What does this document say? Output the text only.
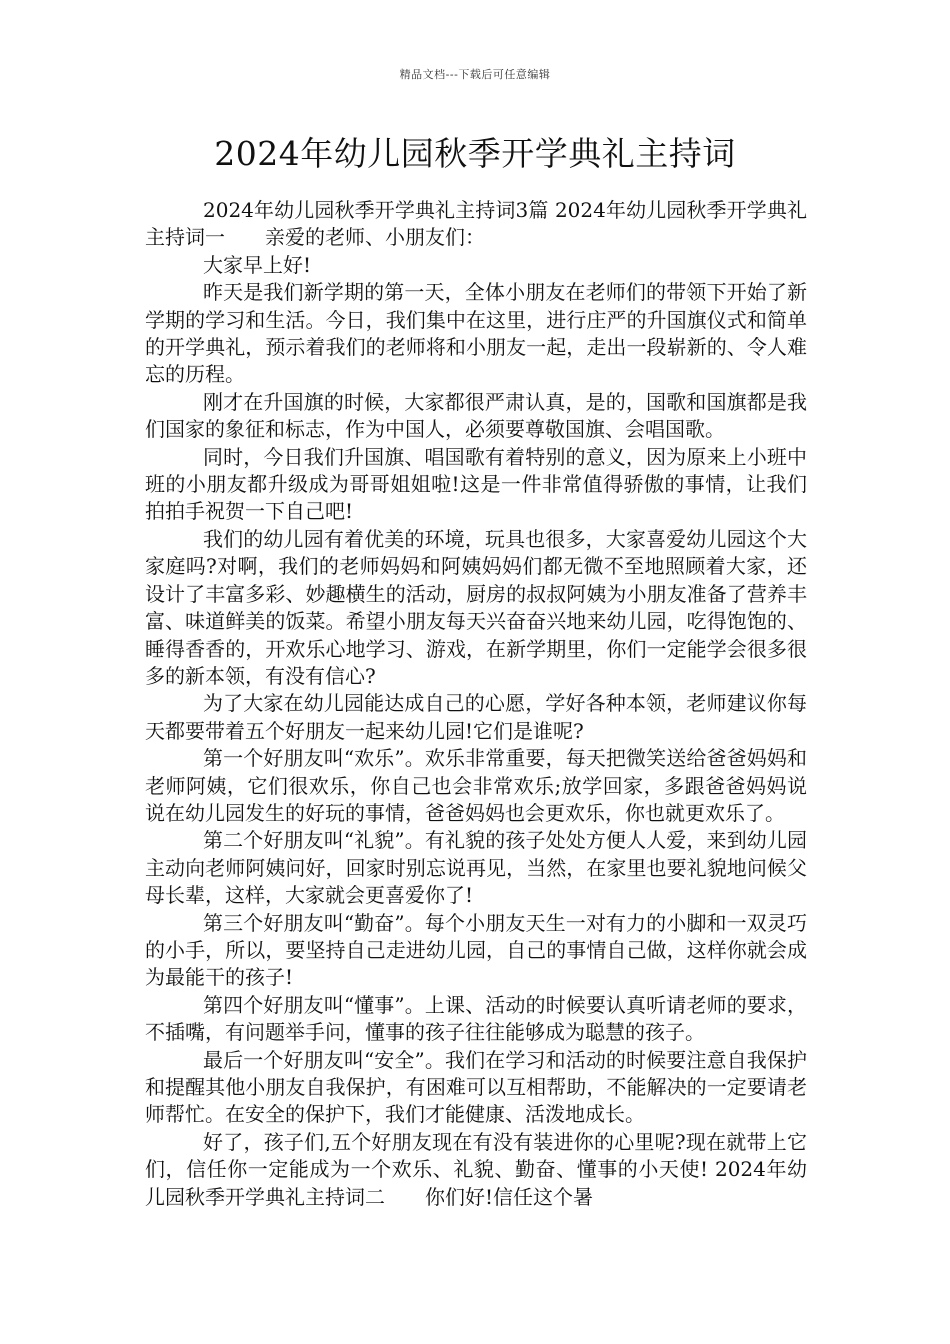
精品文档---下载后可任意编辑
2024年幼儿园秋季开学典礼主持词

2024年幼儿园秋季开学典礼主持词3篇 2024年幼儿园秋季开学典礼主持词一　　亲爱的老师、小朋友们：

大家早上好!

昨天是我们新学期的第一天，全体小朋友在老师们的带领下开始了新学期的学习和生活。今日，我们集中在这里，进行庄严的升国旗仪式和简单的开学典礼，预示着我们的老师将和小朋友一起，走出一段崭新的、令人难忘的历程。

刚才在升国旗的时候，大家都很严肃认真，是的，国歌和国旗都是我们国家的象征和标志，作为中国人，必须要尊敬国旗、会唱国歌。

同时，今日我们升国旗、唱国歌有着特别的意义，因为原来上小班中班的小朋友都升级成为哥哥姐姐啦!这是一件非常值得骄傲的事情，让我们拍拍手祝贺一下自己吧!

我们的幼儿园有着优美的环境，玩具也很多，大家喜爱幼儿园这个大家庭吗?对啊，我们的老师妈妈和阿姨妈妈们都无微不至地照顾着大家，还设计了丰富多彩、妙趣横生的活动，厨房的叔叔阿姨为小朋友准备了营养丰富、味道鲜美的饭菜。希望小朋友每天兴奋奋兴地来幼儿园，吃得饱饱的、睡得香香的，开欢乐心地学习、游戏，在新学期里，你们一定能学会很多很多的新本领，有没有信心?

为了大家在幼儿园能达成自己的心愿，学好各种本领，老师建议你每天都要带着五个好朋友一起来幼儿园!它们是谁呢?

第一个好朋友叫“欢乐”。欢乐非常重要，每天把微笑送给爸爸妈妈和老师阿姨，它们很欢乐，你自己也会非常欢乐;放学回家，多跟爸爸妈妈说说在幼儿园发生的好玩的事情，爸爸妈妈也会更欢乐，你也就更欢乐了。

第二个好朋友叫“礼貌”。有礼貌的孩子处处方便人人爱，来到幼儿园主动向老师阿姨问好，回家时别忘说再见，当然，在家里也要礼貌地问候父母长辈，这样，大家就会更喜爱你了!

第三个好朋友叫“勤奋”。每个小朋友天生一对有力的小脚和一双灵巧的小手，所以，要坚持自己走进幼儿园，自己的事情自己做，这样你就会成为最能干的孩子!

第四个好朋友叫“懂事”。上课、活动的时候要认真听请老师的要求，不插嘴，有问题举手问，懂事的孩子往往能够成为聪慧的孩子。

最后一个好朋友叫“安全”。我们在学习和活动的时候要注意自我保护和提醒其他小朋友自我保护，有困难可以互相帮助，不能解决的一定要请老师帮忙。在安全的保护下，我们才能健康、活泼地成长。

好了，孩子们,五个好朋友现在有没有装进你的心里呢?现在就带上它们，信任你一定能成为一个欢乐、礼貌、勤奋、懂事的小天使! 2024年幼儿园秋季开学典礼主持词二　　你们好!信任这个暑
